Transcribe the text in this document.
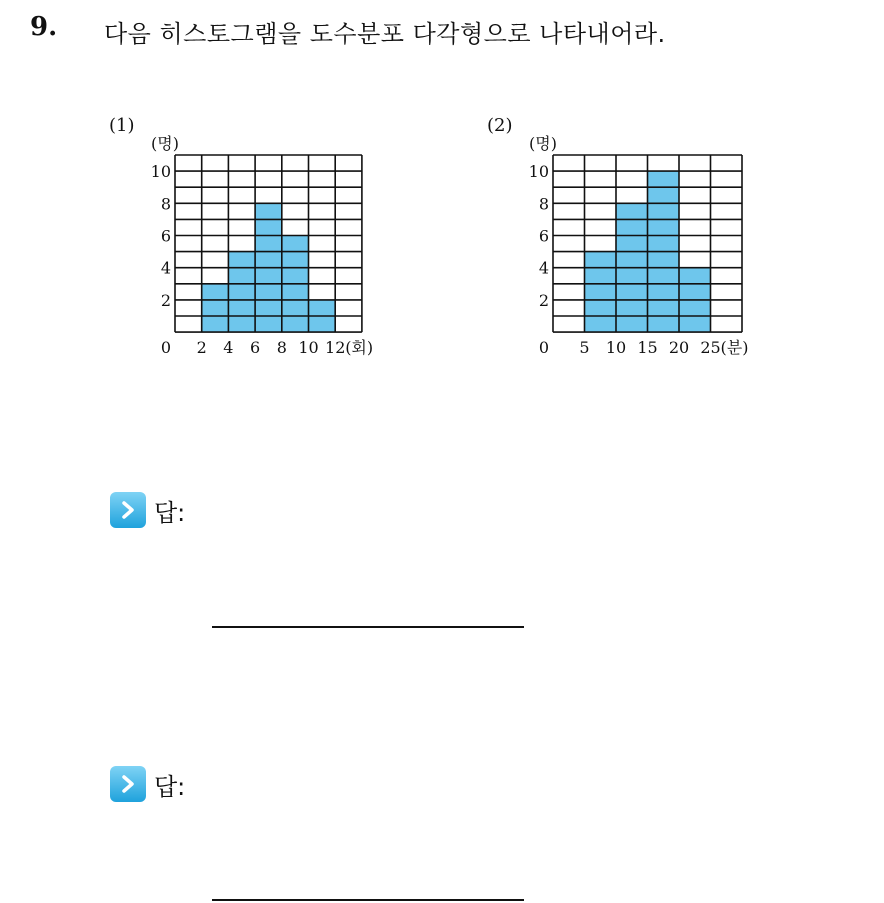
9. 다음 히스토그램을 도수분포 다각형으로 나타내어라.
(1)
(명)
2
4
6
8
10
0 2 4 6 8 10 12 (회)
(2)
(명)
2
4
6
8
10
0 5 10 15 20 25 (분)
답:
답:
